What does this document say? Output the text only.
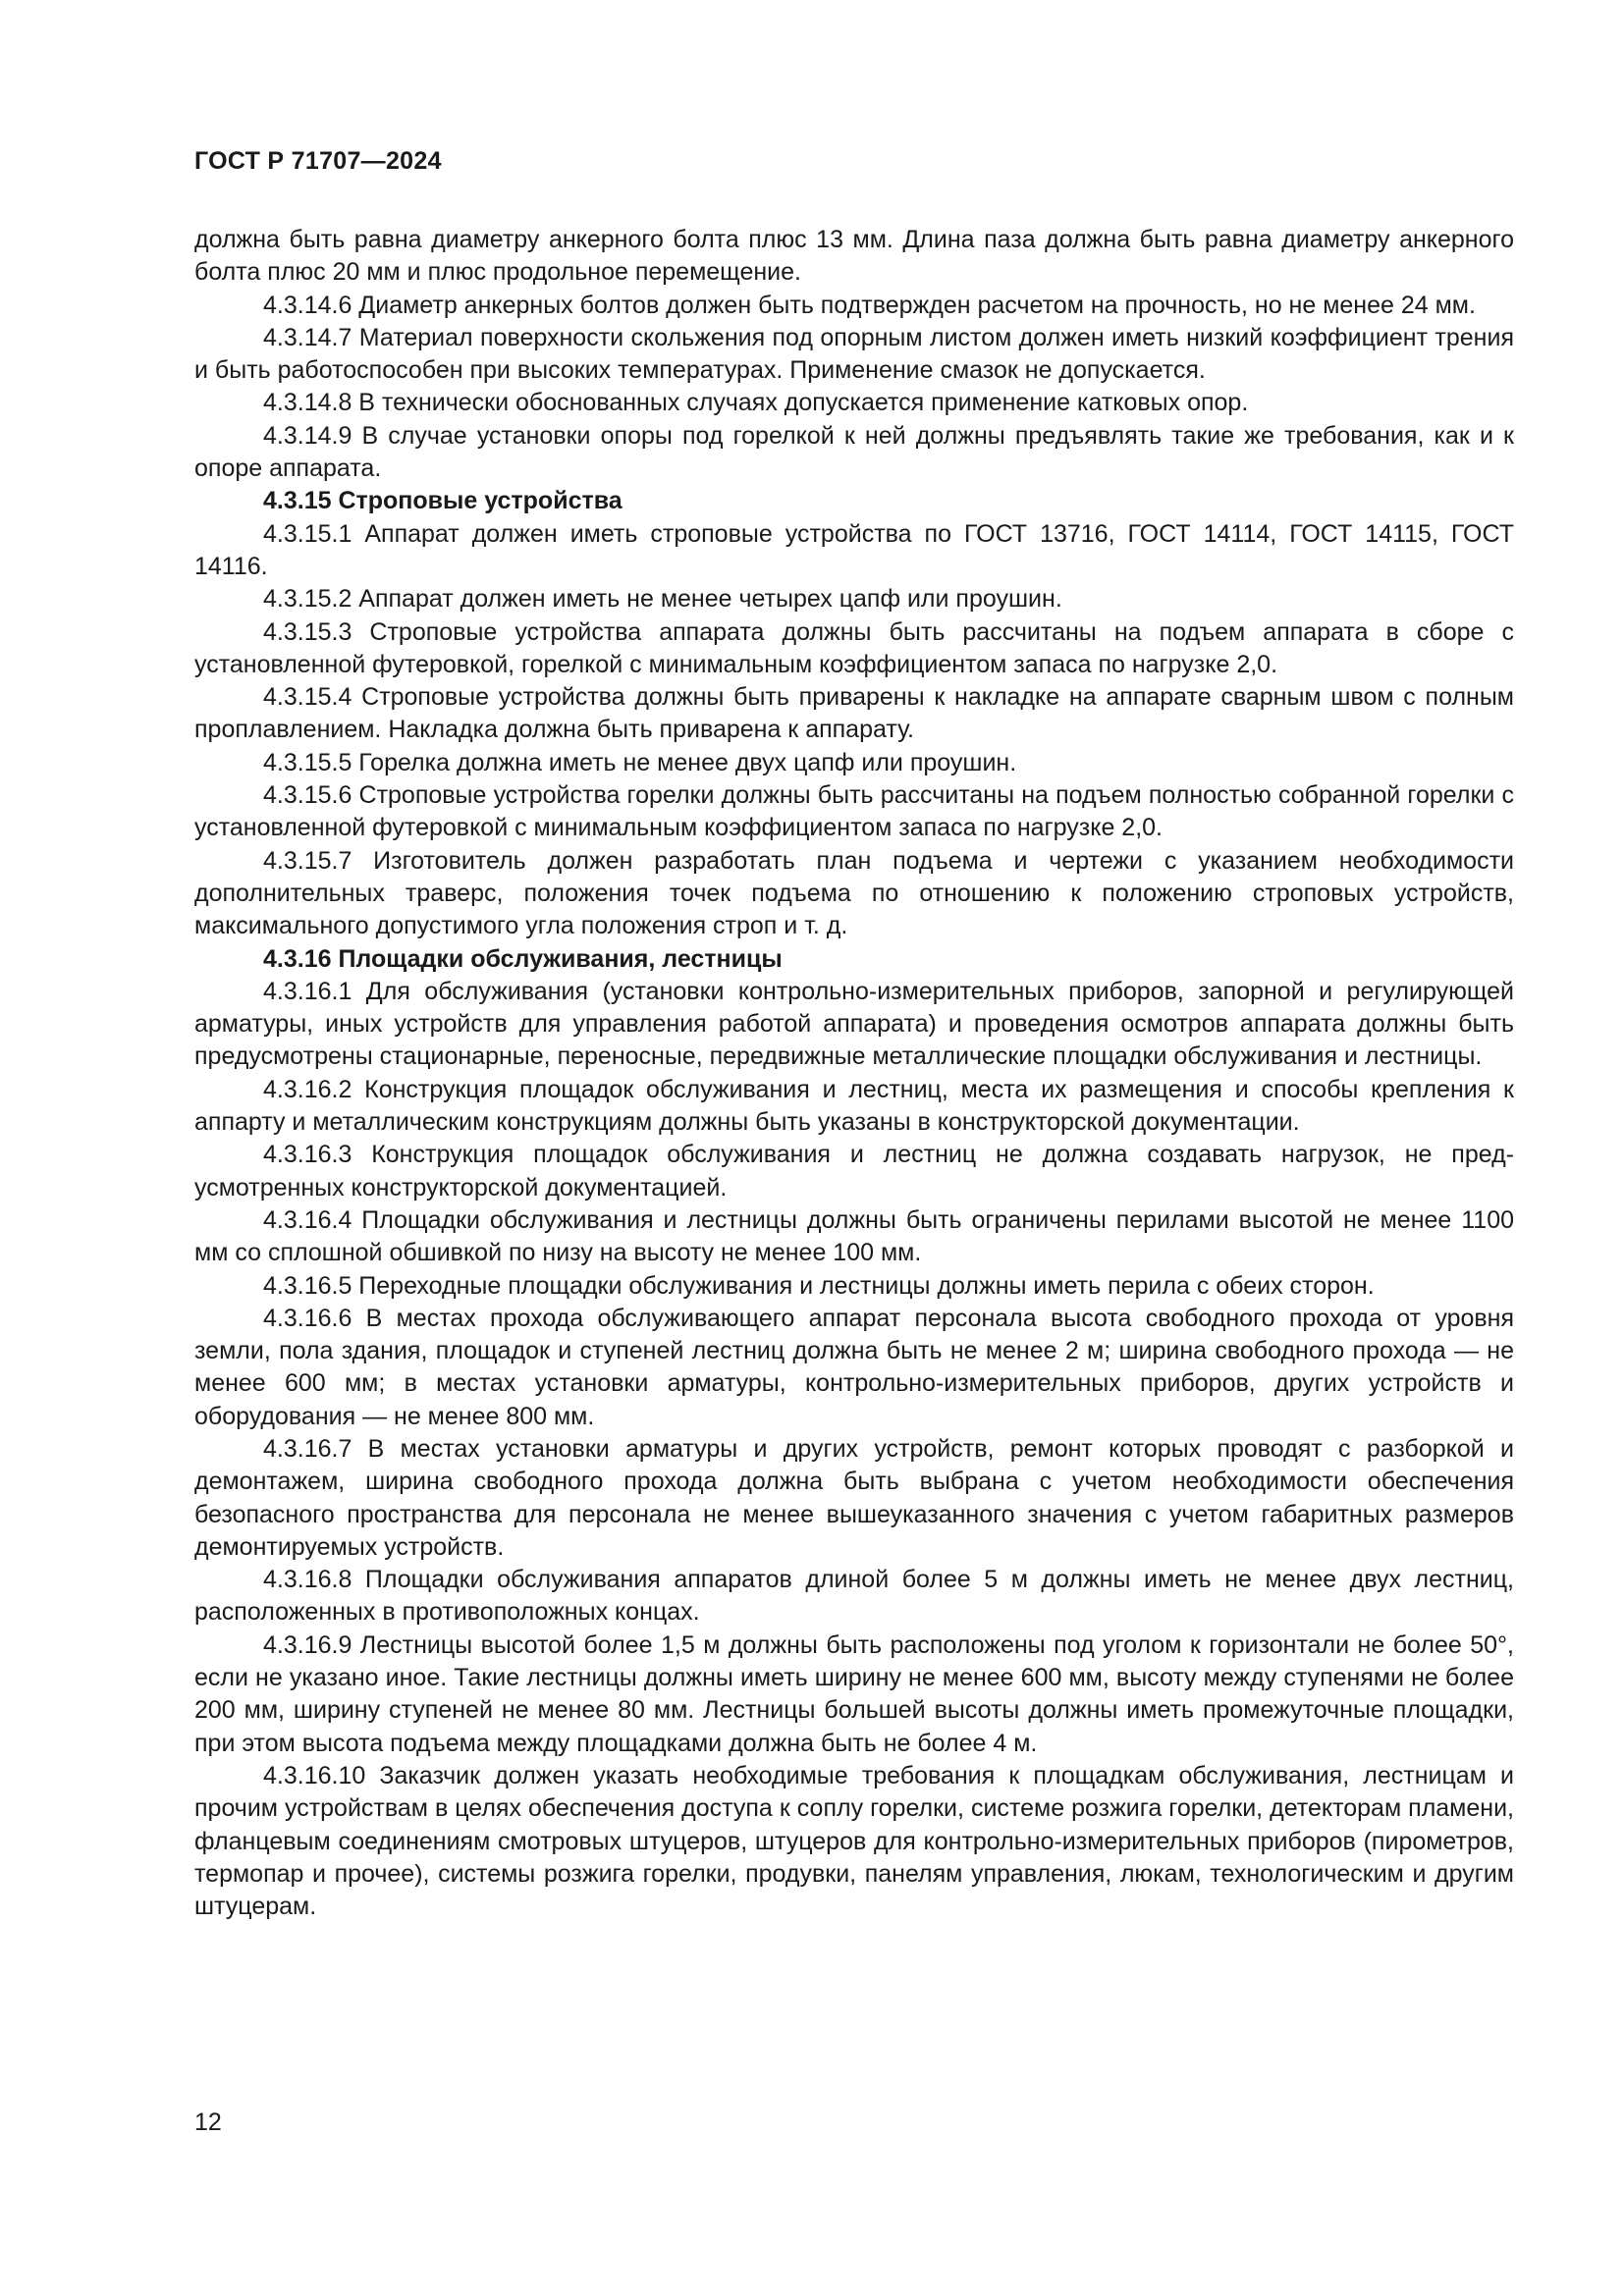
ГОСТ Р 71707—2024

должна быть равна диаметру анкерного болта плюс 13 мм. Длина паза должна быть равна диаметру анкерного болта плюс 20 мм и плюс продольное перемещение.

4.3.14.6 Диаметр анкерных болтов должен быть подтвержден расчетом на прочность, но не менее 24 мм.

4.3.14.7 Материал поверхности скольжения под опорным листом должен иметь низкий коэффициент трения и быть работоспособен при высоких температурах. Применение смазок не допускается.

4.3.14.8 В технически обоснованных случаях допускается применение катковых опор.

4.3.14.9 В случае установки опоры под горелкой к ней должны предъявлять такие же требования, как и к опоре аппарата.

4.3.15 Строповые устройства

4.3.15.1 Аппарат должен иметь строповые устройства по ГОСТ 13716, ГОСТ 14114, ГОСТ 14115, ГОСТ 14116.

4.3.15.2 Аппарат должен иметь не менее четырех цапф или проушин.

4.3.15.3 Строповые устройства аппарата должны быть рассчитаны на подъем аппарата в сборе с установленной футеровкой, горелкой с минимальным коэффициентом запаса по нагрузке 2,0.

4.3.15.4 Строповые устройства должны быть приварены к накладке на аппарате сварным швом с полным проплавлением. Накладка должна быть приварена к аппарату.

4.3.15.5 Горелка должна иметь не менее двух цапф или проушин.

4.3.15.6 Строповые устройства горелки должны быть рассчитаны на подъем полностью собранной горелки с установленной футеровкой с минимальным коэффициентом запаса по нагрузке 2,0.

4.3.15.7 Изготовитель должен разработать план подъема и чертежи с указанием необходимости дополнительных траверс, положения точек подъема по отношению к положению строповых устройств, максимального допустимого угла положения строп и т. д.

4.3.16 Площадки обслуживания, лестницы

4.3.16.1 Для обслуживания (установки контрольно-измерительных приборов, запорной и регулирующей арматуры, иных устройств для управления работой аппарата) и проведения осмотров аппарата должны быть предусмотрены стационарные, переносные, передвижные металлические площадки обслуживания и лестницы.

4.3.16.2 Конструкция площадок обслуживания и лестниц, места их размещения и способы крепления к аппарту и металлическим конструкциям должны быть указаны в конструкторской документации.

4.3.16.3 Конструкция площадок обслуживания и лестниц не должна создавать нагрузок, не предусмотренных конструкторской документацией.

4.3.16.4 Площадки обслуживания и лестницы должны быть ограничены перилами высотой не менее 1100 мм со сплошной обшивкой по низу на высоту не менее 100 мм.

4.3.16.5 Переходные площадки обслуживания и лестницы должны иметь перила с обеих сторон.

4.3.16.6 В местах прохода обслуживающего аппарат персонала высота свободного прохода от уровня земли, пола здания, площадок и ступеней лестниц должна быть не менее 2 м; ширина свободного прохода — не менее 600 мм; в местах установки арматуры, контрольно-измерительных приборов, других устройств и оборудования — не менее 800 мм.

4.3.16.7 В местах установки арматуры и других устройств, ремонт которых проводят с разборкой и демонтажем, ширина свободного прохода должна быть выбрана с учетом необходимости обеспечения безопасного пространства для персонала не менее вышеуказанного значения с учетом габаритных размеров демонтируемых устройств.

4.3.16.8 Площадки обслуживания аппаратов длиной более 5 м должны иметь не менее двух лестниц, расположенных в противоположных концах.

4.3.16.9 Лестницы высотой более 1,5 м должны быть расположены под уголом к горизонтали не более 50°, если не указано иное. Такие лестницы должны иметь ширину не менее 600 мм, высоту между ступенями не более 200 мм, ширину ступеней не менее 80 мм. Лестницы большей высоты должны иметь промежуточные площадки, при этом высота подъема между площадками должна быть не более 4 м.

4.3.16.10 Заказчик должен указать необходимые требования к площадкам обслуживания, лестницам и прочим устройствам в целях обеспечения доступа к соплу горелки, системе розжига горелки, детекторам пламени, фланцевым соединениям смотровых штуцеров, штуцеров для контрольно-измерительных приборов (пирометров, термопар и прочее), системы розжига горелки, продувки, панелям управления, люкам, технологическим и другим штуцерам.

12
